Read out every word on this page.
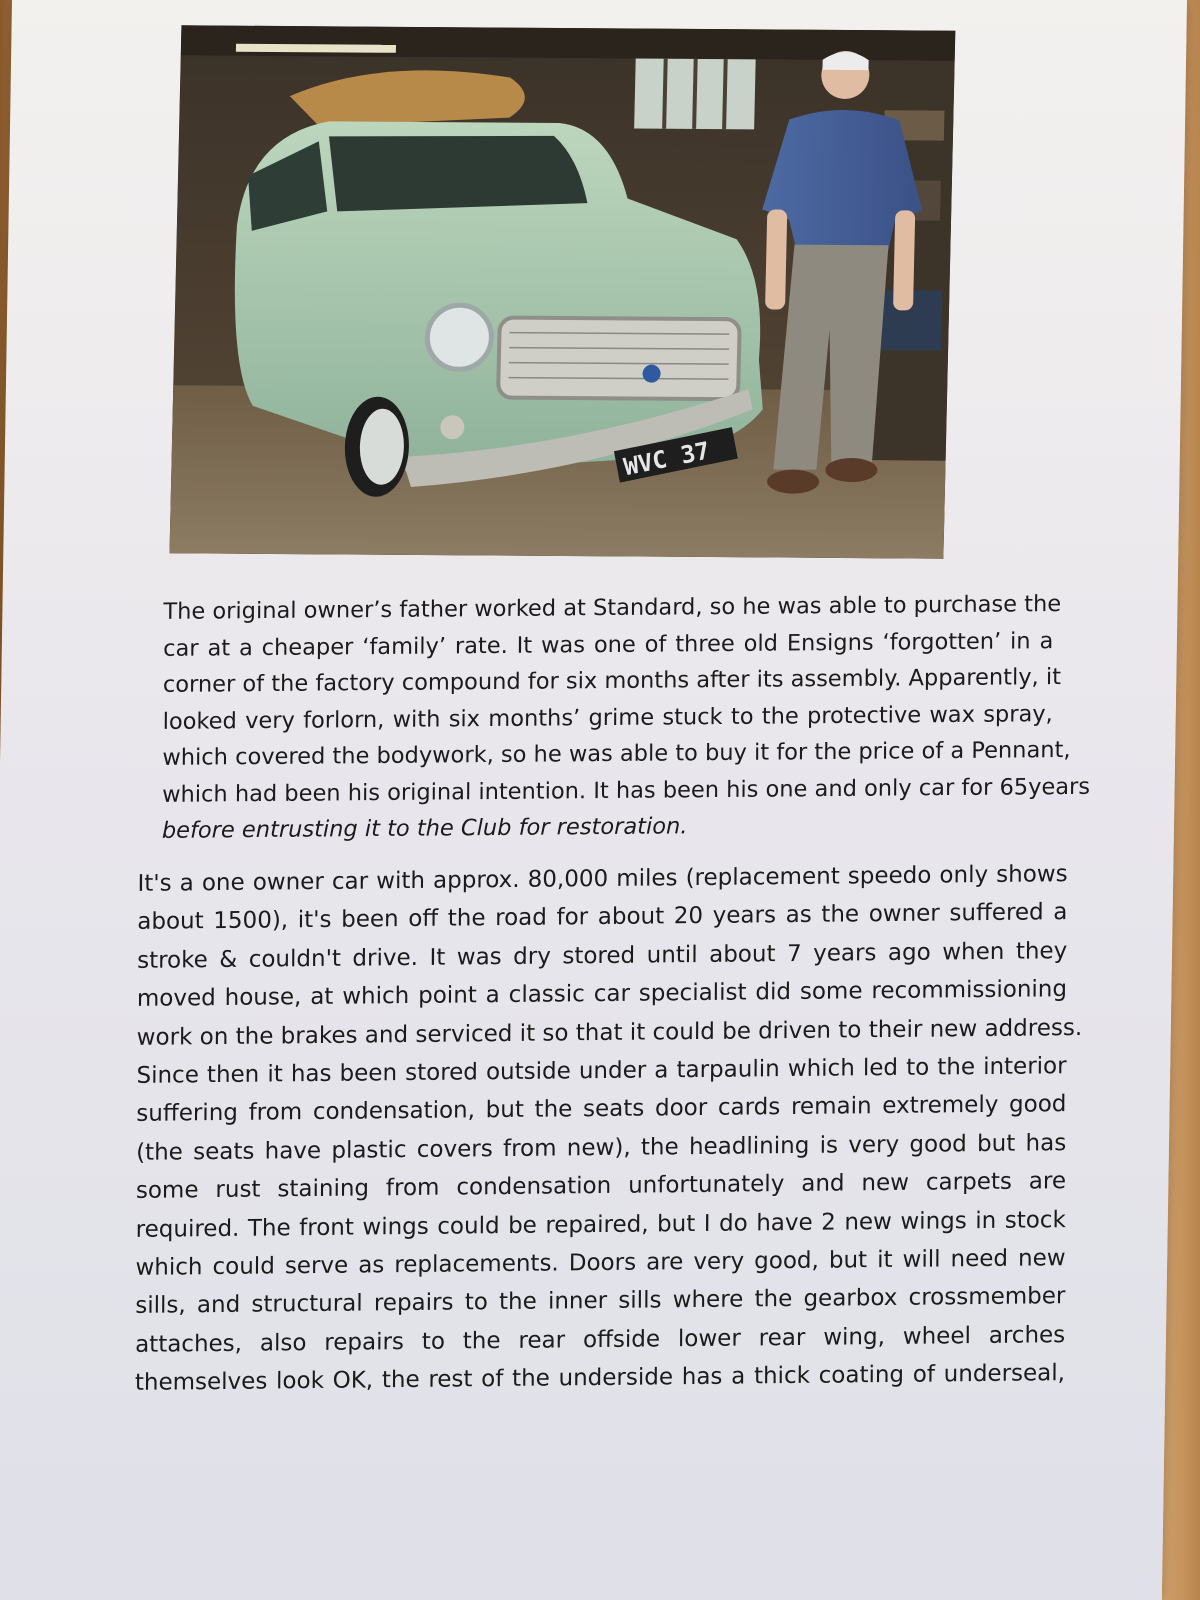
WVC 37
The original owner’s father worked at Standard, so he was able to purchase the
car at a cheaper ‘family’ rate. It was one of three old Ensigns ‘forgotten’ in a
corner of the factory compound for six months after its assembly. Apparently, it
looked very forlorn, with six months’ grime stuck to the protective wax spray,
which covered the bodywork, so he was able to buy it for the price of a Pennant,
which had been his original intention. It has been his one and only car for 65years
before entrusting it to the Club for restoration.
It's a one owner car with approx. 80,000 miles (replacement speedo only shows
about 1500), it's been off the road for about 20 years as the owner suffered a
stroke & couldn't drive. It was dry stored until about 7 years ago when they
moved house, at which point a classic car specialist did some recommissioning
work on the brakes and serviced it so that it could be driven to their new address.
Since then it has been stored outside under a tarpaulin which led to the interior
suffering from condensation, but the seats door cards remain extremely good
(the seats have plastic covers from new), the headlining is very good but has
some rust staining from condensation unfortunately and new carpets are
required. The front wings could be repaired, but I do have 2 new wings in stock
which could serve as replacements. Doors are very good, but it will need new
sills, and structural repairs to the inner sills where the gearbox crossmember
attaches, also repairs to the rear offside lower rear wing, wheel arches
themselves look OK, the rest of the underside has a thick coating of underseal,
